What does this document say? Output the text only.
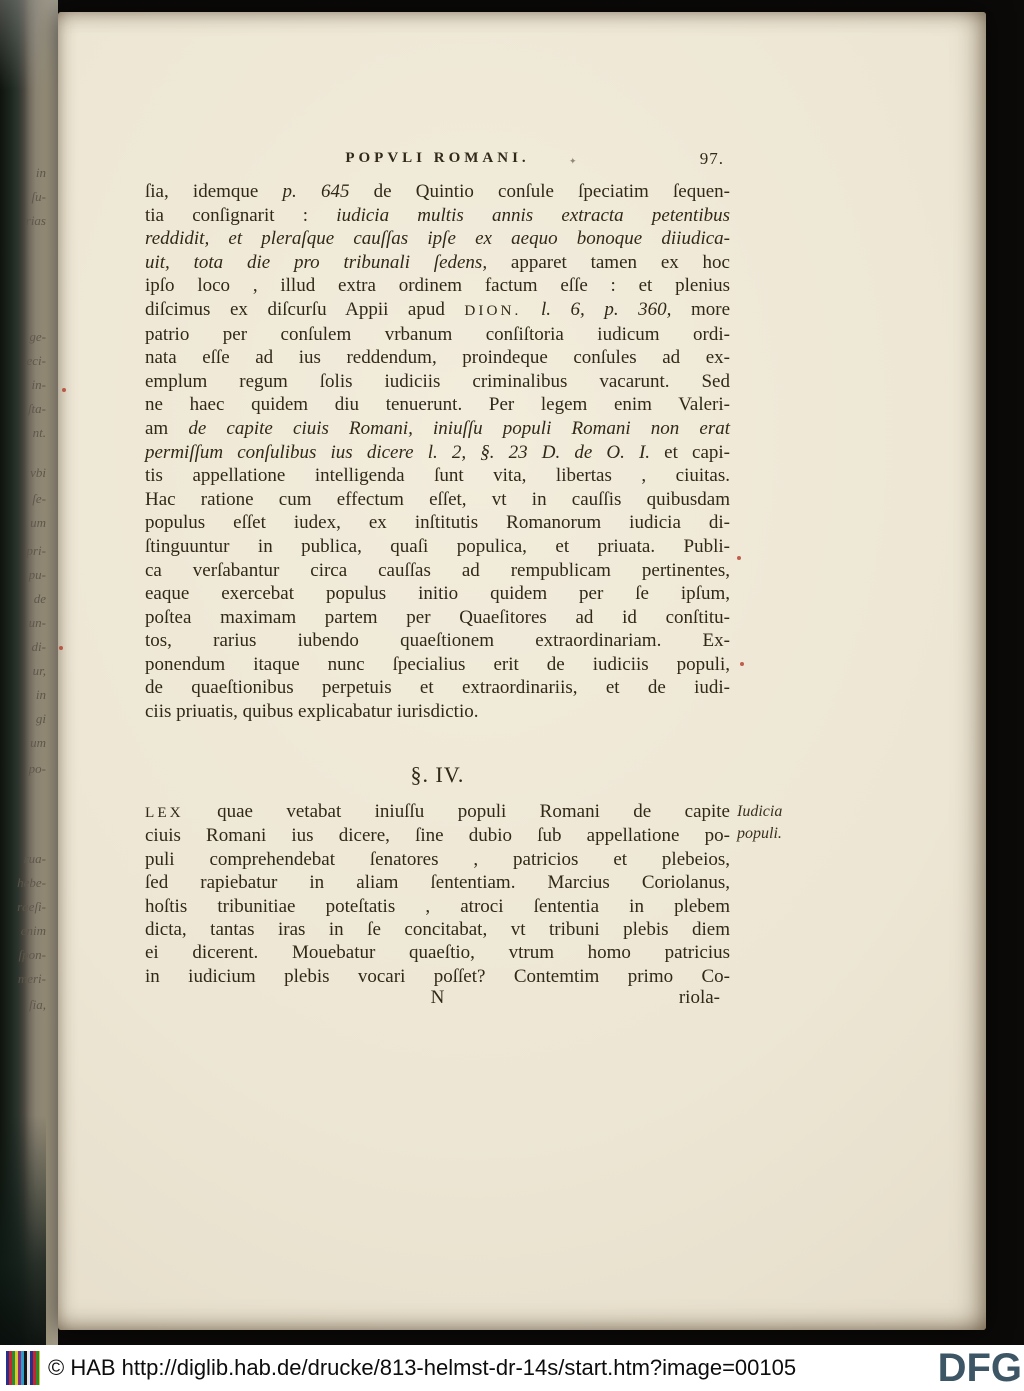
in
ſu-
rias
ge-
eci-
in-
ſta-
nt.
vbi
ſe-
um
pri-
pu-
de
un-
di-
ur,
in
gi
um
po-
rua-
hebe-
raeſi-
enim
ſpon-
meri-
ſia,
POPVLI ROMANI.	✦	97.
ſia, idemque p. 645 de Quintio conſule ſpeciatim ſequen-
tia conſignarit : iudicia multis annis extracta petentibus
reddidit, et pleraſque cauſſas ipſe ex aequo bonoque diiudica-
uit, tota die pro tribunali ſedens, apparet tamen ex hoc
ipſo loco , illud extra ordinem factum eſſe : et plenius
diſcimus ex diſcurſu Appii apud DION. l. 6, p. 360, more
patrio per conſulem vrbanum conſiſtoria iudicum ordi-
nata eſſe ad ius reddendum, proindeque conſules ad ex-
emplum regum ſolis iudiciis criminalibus vacarunt. Sed
ne haec quidem diu tenuerunt. Per legem enim Valeri-
am de capite ciuis Romani, iniuſſu populi Romani non erat
permiſſum conſulibus ius dicere l. 2, §. 23 D. de O. I. et capi-
tis appellatione intelligenda ſunt vita, libertas , ciuitas.
Hac ratione cum effectum eſſet, vt in cauſſis quibusdam
populus eſſet iudex, ex inſtitutis Romanorum iudicia di-
ſtinguuntur in publica, quaſi populica, et priuata. Publi-
ca verſabantur circa cauſſas ad rempublicam pertinentes,
eaque exercebat populus initio quidem per ſe ipſum,
poſtea maximam partem per Quaeſitores ad id conſtitu-
tos, rarius iubendo quaeſtionem extraordinariam. Ex-
ponendum itaque nunc ſpecialius erit de iudiciis populi,
de quaeſtionibus perpetuis et extraordinariis, et de iudi-
ciis priuatis, quibus explicabatur iurisdictio.
§. IV.
LEX quae vetabat iniuſſu populi Romani de capite
ciuis Romani ius dicere, ſine dubio ſub appellatione po-
puli comprehendebat ſenatores , patricios et plebeios,
ſed rapiebatur in aliam ſententiam. Marcius Coriolanus,
hoſtis tribunitiae poteſtatis , atroci ſententia in plebem
dicta, tantas iras in ſe concitabat, vt tribuni plebis diem
ei dicerent. Mouebatur quaeſtio, vtrum homo patricius
in iudicium plebis vocari poſſet? Contemtim primo Co-
Iudicia
populi.
N	riola-
© HAB http://diglib.hab.de/drucke/813-helmst-dr-14s/start.htm?image=00105	DFG
